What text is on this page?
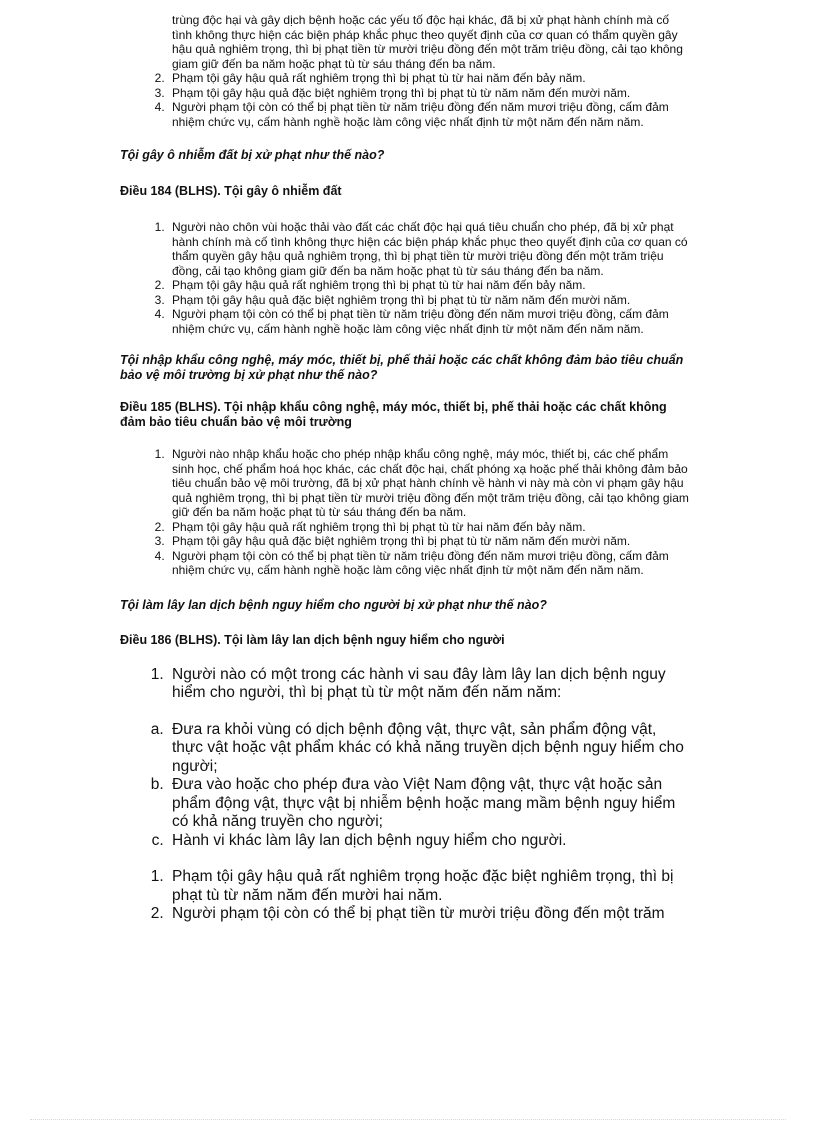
trùng độc hại và gây dịch bệnh hoặc các yếu tố độc hại khác, đã bị xử phạt hành chính mà cố tình không thực hiện các biện pháp khắc phục theo quyết định của cơ quan có thẩm quyền gây hậu quả nghiêm trọng, thì bị phạt tiền từ mười triệu đồng đến một trăm triệu đồng, cải tạo không giam giữ đến ba năm hoặc phạt tù từ sáu tháng đến ba năm.
2. Phạm tội gây hậu quả rất nghiêm trọng thì bị phạt tù từ hai năm đến bảy năm.
3. Phạm tội gây hậu quả đặc biệt nghiêm trọng thì bị phạt tù từ năm năm đến mười năm.
4. Người phạm tội còn có thể bị phạt tiền từ năm triệu đồng đến năm mươi triệu đồng, cấm đảm nhiệm chức vụ, cấm hành nghề hoặc làm công việc nhất định từ một năm đến năm năm.

Tội gây ô nhiễm đất bị xử phạt như thế nào?

Điều 184 (BLHS). Tội gây ô nhiễm đất

1. Người nào chôn vùi hoặc thải vào đất các chất độc hại quá tiêu chuẩn cho phép, đã bị xử phạt hành chính mà cố tình không thực hiện các biện pháp khắc phục theo quyết định của cơ quan có thẩm quyền gây hậu quả nghiêm trọng, thì bị phạt tiền từ mười triệu đồng đến một trăm triệu đồng, cải tạo không giam giữ đến ba năm hoặc phạt tù từ sáu tháng đến ba năm.
2. Phạm tội gây hậu quả rất nghiêm trọng thì bị phạt tù từ hai năm đến bảy năm.
3. Phạm tội gây hậu quả đặc biệt nghiêm trọng thì bị phạt tù từ năm năm đến mười năm.
4. Người phạm tội còn có thể bị phạt tiền từ năm triệu đồng đến năm mươi triệu đồng, cấm đảm nhiệm chức vụ, cấm hành nghề hoặc làm công việc nhất định từ một năm đến năm năm.

Tội nhập khẩu công nghệ, máy móc, thiết bị, phế thải hoặc các chất không đảm bảo tiêu chuẩn bảo vệ môi trường bị xử phạt như thế nào?

Điều 185 (BLHS). Tội nhập khẩu công nghệ, máy móc, thiết bị, phế thải hoặc các chất không đảm bảo tiêu chuẩn bảo vệ môi trường

1. Người nào nhập khẩu hoặc cho phép nhập khẩu công nghệ, máy móc, thiết bị, các chế phẩm sinh học, chế phẩm hoá học khác, các chất độc hại, chất phóng xạ hoặc phế thải không đảm bảo tiêu chuẩn bảo vệ môi trường, đã bị xử phạt hành chính về hành vi này mà còn vi phạm gây hậu quả nghiêm trọng, thì bị phạt tiền từ mười triệu đồng đến một trăm triệu đồng, cải tạo không giam giữ đến ba năm hoặc phạt tù từ sáu tháng đến ba năm.
2. Phạm tội gây hậu quả rất nghiêm trọng thì bị phạt tù từ hai năm đến bảy năm.
3. Phạm tội gây hậu quả đặc biệt nghiêm trọng thì bị phạt tù từ năm năm đến mười năm.
4. Người phạm tội còn có thể bị phạt tiền từ năm triệu đồng đến năm mươi triệu đồng, cấm đảm nhiệm chức vụ, cấm hành nghề hoặc làm công việc nhất định từ một năm đến năm năm.

Tội làm lây lan dịch bệnh nguy hiểm cho người bị xử phạt như thế nào?

Điều 186 (BLHS). Tội làm lây lan dịch bệnh nguy hiểm cho người

1. Người nào có một trong các hành vi sau đây làm lây lan dịch bệnh nguy hiểm cho người, thì bị phạt tù từ một năm đến năm năm:
a. Đưa ra khỏi vùng có dịch bệnh động vật, thực vật, sản phẩm động vật, thực vật hoặc vật phẩm khác có khả năng truyền dịch bệnh nguy hiểm cho người;
b. Đưa vào hoặc cho phép đưa vào Việt Nam động vật, thực vật hoặc sản phẩm động vật, thực vật bị nhiễm bệnh hoặc mang mầm bệnh nguy hiểm có khả năng truyền cho người;
c. Hành vi khác làm lây lan dịch bệnh nguy hiểm cho người.
1. Phạm tội gây hậu quả rất nghiêm trọng hoặc đặc biệt nghiêm trọng, thì bị phạt tù từ năm năm đến mười hai năm.
2. Người phạm tội còn có thể bị phạt tiền từ mười triệu đồng đến một trăm
